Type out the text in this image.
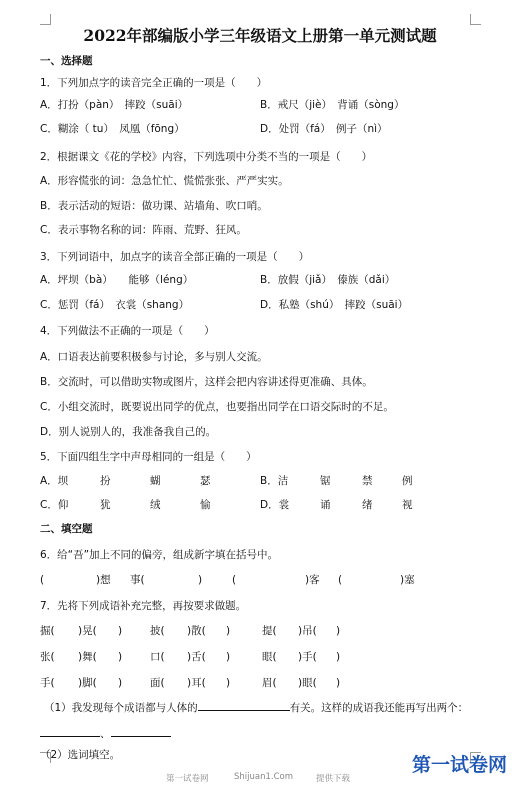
2022年部编版小学三年级语文上册第一单元测试题
一、选择题
1．下列加点字的读音完全正确的一项是（　　）
A．打扮（pàn）　摔跤（suāi）	B．戒尺（jiè）　背诵（sòng）
C．糊涂（ tu）　凤凰（fōng）	D．处罚（fá）　例子（nì）
2．根据课文《花的学校》内容，下列选项中分类不当的一项是（　　）
A．形容慌张的词：急急忙忙、慌慌张张、严严实实。
B．表示活动的短语：做功课、站墙角、吹口哨。
C．表示事物名称的词：阵雨、荒野、狂风。
3．下列词语中，加点字的读音全部正确的一项是（　　）
A．坪坝（bà）　　能够（léng）	B．放假（jiǎ）　傣族（dǎi）
C．惩罚（fá）　衣裳（shang）	D．私塾（shú）　摔跤（suāi）
4．下列做法不正确的一项是（　　）
A．口语表达前要积极参与讨论，多与别人交流。
B．交流时，可以借助实物或图片，这样会把内容讲述得更准确、具体。
C．小组交流时，既要说出同学的优点，也要指出同学在口语交际时的不足。
D．别人说别人的，我准备我自己的。
5．下面四组生字中声母相同的一组是（　　）
A．坝	扮	蝴	瑟	B．洁	锯	禁	例
C．仰	犹	绒	愉	D．裳	诵	绪	视
二、填空题
6．给“吾”加上不同的偏旁，组成新字填在括号中。
(	)想 事(	)	(	)客 (	)塞
7．先将下列成语补充完整，再按要求做题。
掘( )晃( )	披( )散( )	提( )吊( )
张( )舞( )	口( )舌( )	眼( )手( )
手( )脚( )	面( )耳( )	眉( )眼( )
（1）我发现每个成语都与人体的	有关。这样的成语我还能再写出两个：
、
（2）选词填空。
第一试卷网	Shijuan1.Com	提供下载
第一试卷网
